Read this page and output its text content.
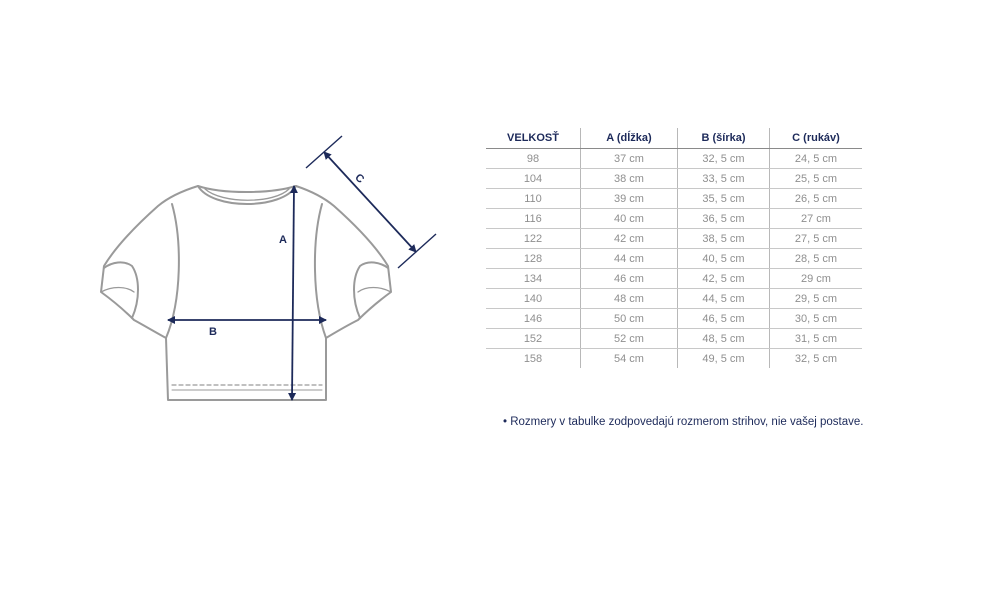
A
B
C
VELKOSŤ	A (dĺžka)	B (šírka)	C (rukáv)
98	37 cm	32, 5 cm	24, 5 cm
104	38 cm	33, 5 cm	25, 5 cm
110	39 cm	35, 5 cm	26, 5 cm
116	40 cm	36, 5 cm	27 cm
122	42 cm	38, 5 cm	27, 5 cm
128	44 cm	40, 5 cm	28, 5 cm
134	46 cm	42, 5 cm	29 cm
140	48 cm	44, 5 cm	29, 5 cm
146	50 cm	46, 5 cm	30, 5 cm
152	52 cm	48, 5 cm	31, 5 cm
158	54 cm	49, 5 cm	32, 5 cm
• Rozmery v tabulke zodpovedajú rozmerom strihov, nie vašej postave.
